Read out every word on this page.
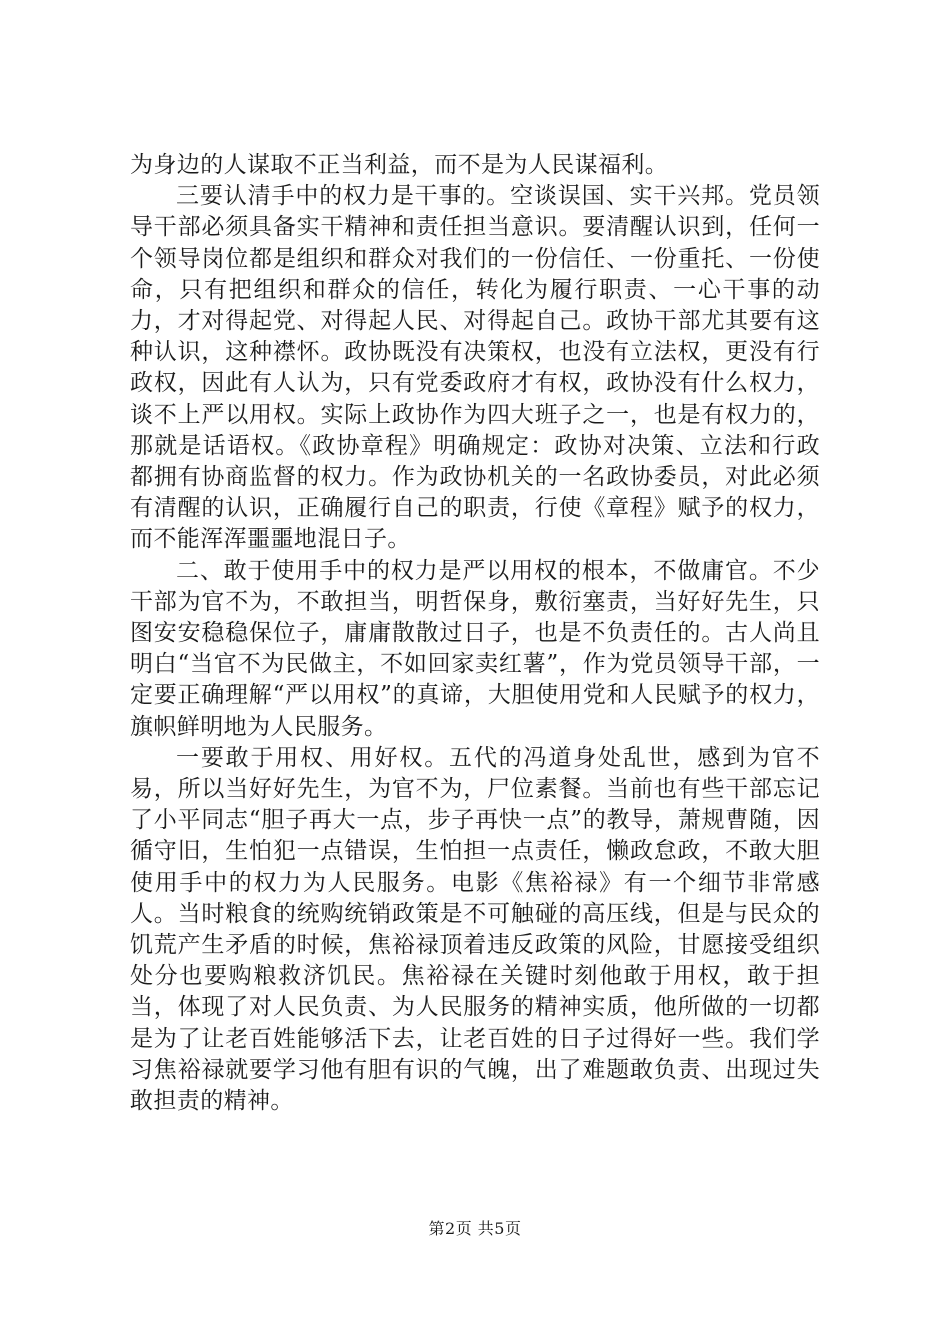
为身边的人谋取不正当利益，而不是为人民谋福利。

三要认清手中的权力是干事的。空谈误国、实干兴邦。党员领导干部必须具备实干精神和责任担当意识。要清醒认识到，任何一个领导岗位都是组织和群众对我们的一份信任、一份重托、一份使命，只有把组织和群众的信任，转化为履行职责、一心干事的动力，才对得起党、对得起人民、对得起自己。政协干部尤其要有这种认识，这种襟怀。政协既没有决策权，也没有立法权，更没有行政权，因此有人认为，只有党委政府才有权，政协没有什么权力，谈不上严以用权。实际上政协作为四大班子之一，也是有权力的，那就是话语权。《政协章程》明确规定：政协对决策、立法和行政都拥有协商监督的权力。作为政协机关的一名政协委员，对此必须有清醒的认识，正确履行自己的职责，行使《章程》赋予的权力，而不能浑浑噩噩地混日子。

二、敢于使用手中的权力是严以用权的根本，不做庸官。不少干部为官不为，不敢担当，明哲保身，敷衍塞责，当好好先生，只图安安稳稳保位子，庸庸散散过日子，也是不负责任的。古人尚且明白“当官不为民做主，不如回家卖红薯”，作为党员领导干部，一定要正确理解“严以用权”的真谛，大胆使用党和人民赋予的权力，旗帜鲜明地为人民服务。

一要敢于用权、用好权。五代的冯道身处乱世，感到为官不易，所以当好好先生，为官不为，尸位素餐。当前也有些干部忘记了小平同志“胆子再大一点，步子再快一点”的教导，萧规曹随，因循守旧，生怕犯一点错误，生怕担一点责任，懒政怠政，不敢大胆使用手中的权力为人民服务。电影《焦裕禄》有一个细节非常感人。当时粮食的统购统销政策是不可触碰的高压线，但是与民众的饥荒产生矛盾的时候，焦裕禄顶着违反政策的风险，甘愿接受组织处分也要购粮救济饥民。焦裕禄在关键时刻他敢于用权，敢于担当，体现了对人民负责、为人民服务的精神实质，他所做的一切都是为了让老百姓能够活下去，让老百姓的日子过得好一些。我们学习焦裕禄就要学习他有胆有识的气魄，出了难题敢负责、出现过失敢担责的精神。

第2页 共5页
